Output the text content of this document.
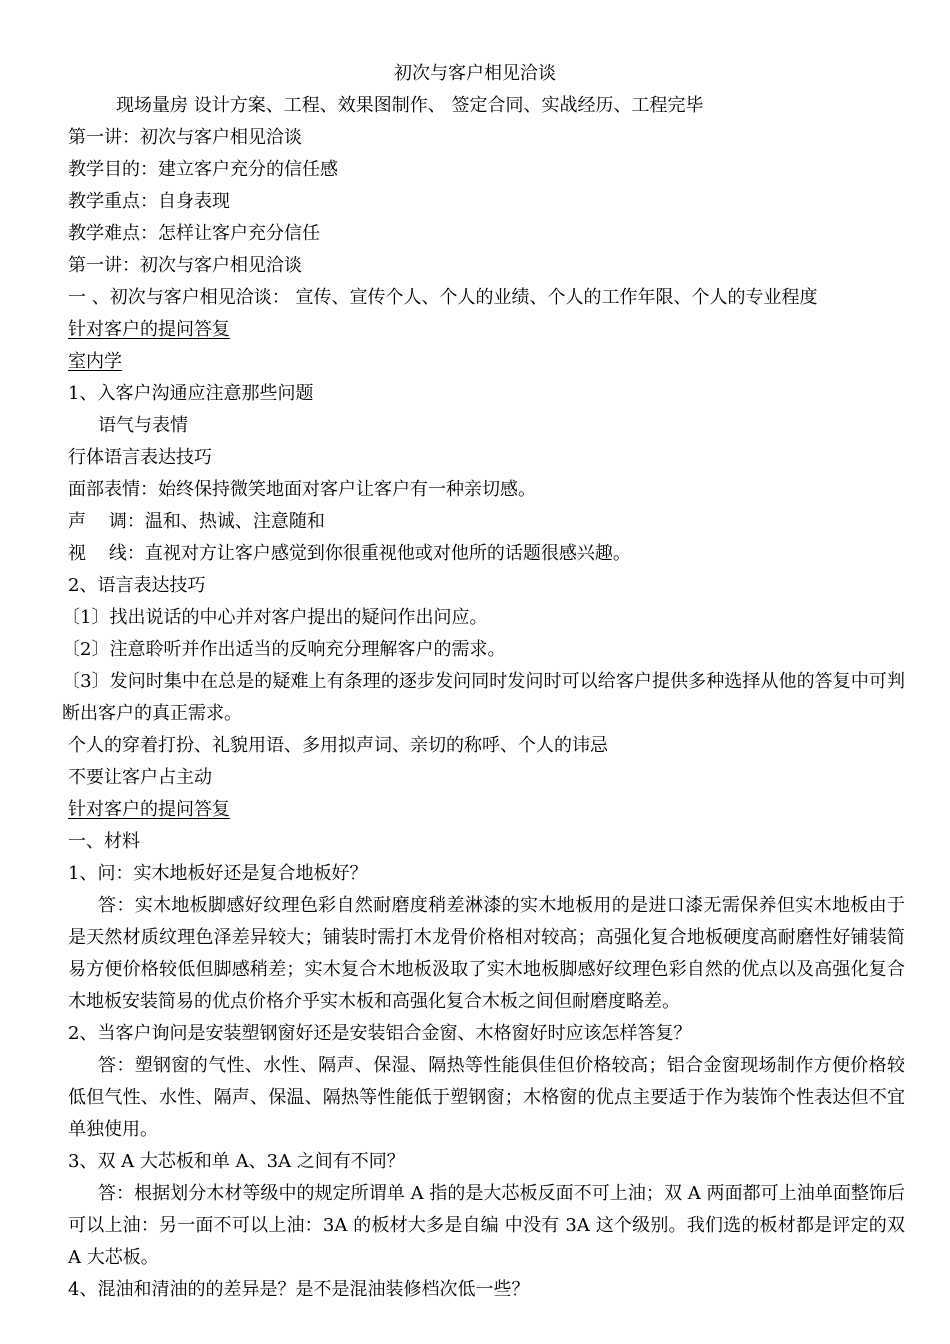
初次与客户相见洽谈
现场量房 设计方案、工程、效果图制作、 签定合同、实战经历、工程完毕
第一讲：初次与客户相见洽谈
教学目的：建立客户充分的信任感
教学重点：自身表现
教学难点：怎样让客户充分信任
第一讲：初次与客户相见洽谈
一 、初次与客户相见洽谈： 宣传、宣传个人、个人的业绩、个人的工作年限、个人的专业程度
针对客户的提问答复
室内学
1、入客户沟通应注意那些问题
语气与表情
行体语言表达技巧
面部表情：始终保持微笑地面对客户让客户有一种亲切感。
声    调：温和、热诚、注意随和
视    线：直视对方让客户感觉到你很重视他或对他所的话题很感兴趣。
2、语言表达技巧
〔1〕找出说话的中心并对客户提出的疑问作出问应。
〔2〕注意聆听并作出适当的反响充分理解客户的需求。
〔3〕发问时集中在总是的疑难上有条理的逐步发问同时发问时可以给客户提供多种选择从他的答复中可判断出客户的真正需求。
个人的穿着打扮、礼貌用语、多用拟声词、亲切的称呼、个人的讳忌
不要让客户占主动
针对客户的提问答复
一、材料
1、问：实木地板好还是复合地板好？
答：实木地板脚感好纹理色彩自然耐磨度稍差淋漆的实木地板用的是进口漆无需保养但实木地板由于是天然材质纹理色泽差异较大；铺装时需打木龙骨价格相对较高；高强化复合地板硬度高耐磨性好铺装简易方便价格较低但脚感稍差；实木复合木地板汲取了实木地板脚感好纹理色彩自然的优点以及高强化复合木地板安装简易的优点价格介乎实木板和高强化复合木板之间但耐磨度略差。
2、当客户询问是安装塑钢窗好还是安装铝合金窗、木格窗好时应该怎样答复？
答：塑钢窗的气性、水性、隔声、保湿、隔热等性能俱佳但价格较高；铝合金窗现场制作方便价格较低但气性、水性、隔声、保温、隔热等性能低于塑钢窗；木格窗的优点主要适于作为装饰个性表达但不宜单独使用。
3、双 A 大芯板和单 A、3A 之间有不同？
答：根据划分木材等级中的规定所谓单 A 指的是大芯板反面不可上油；双 A 两面都可上油单面整饰后可以上油：另一面不可以上油：3A 的板材大多是自编 中没有 3A 这个级别。我们选的板材都是评定的双 A 大芯板。
4、混油和清油的的差异是？是不是混油装修档次低一些？
